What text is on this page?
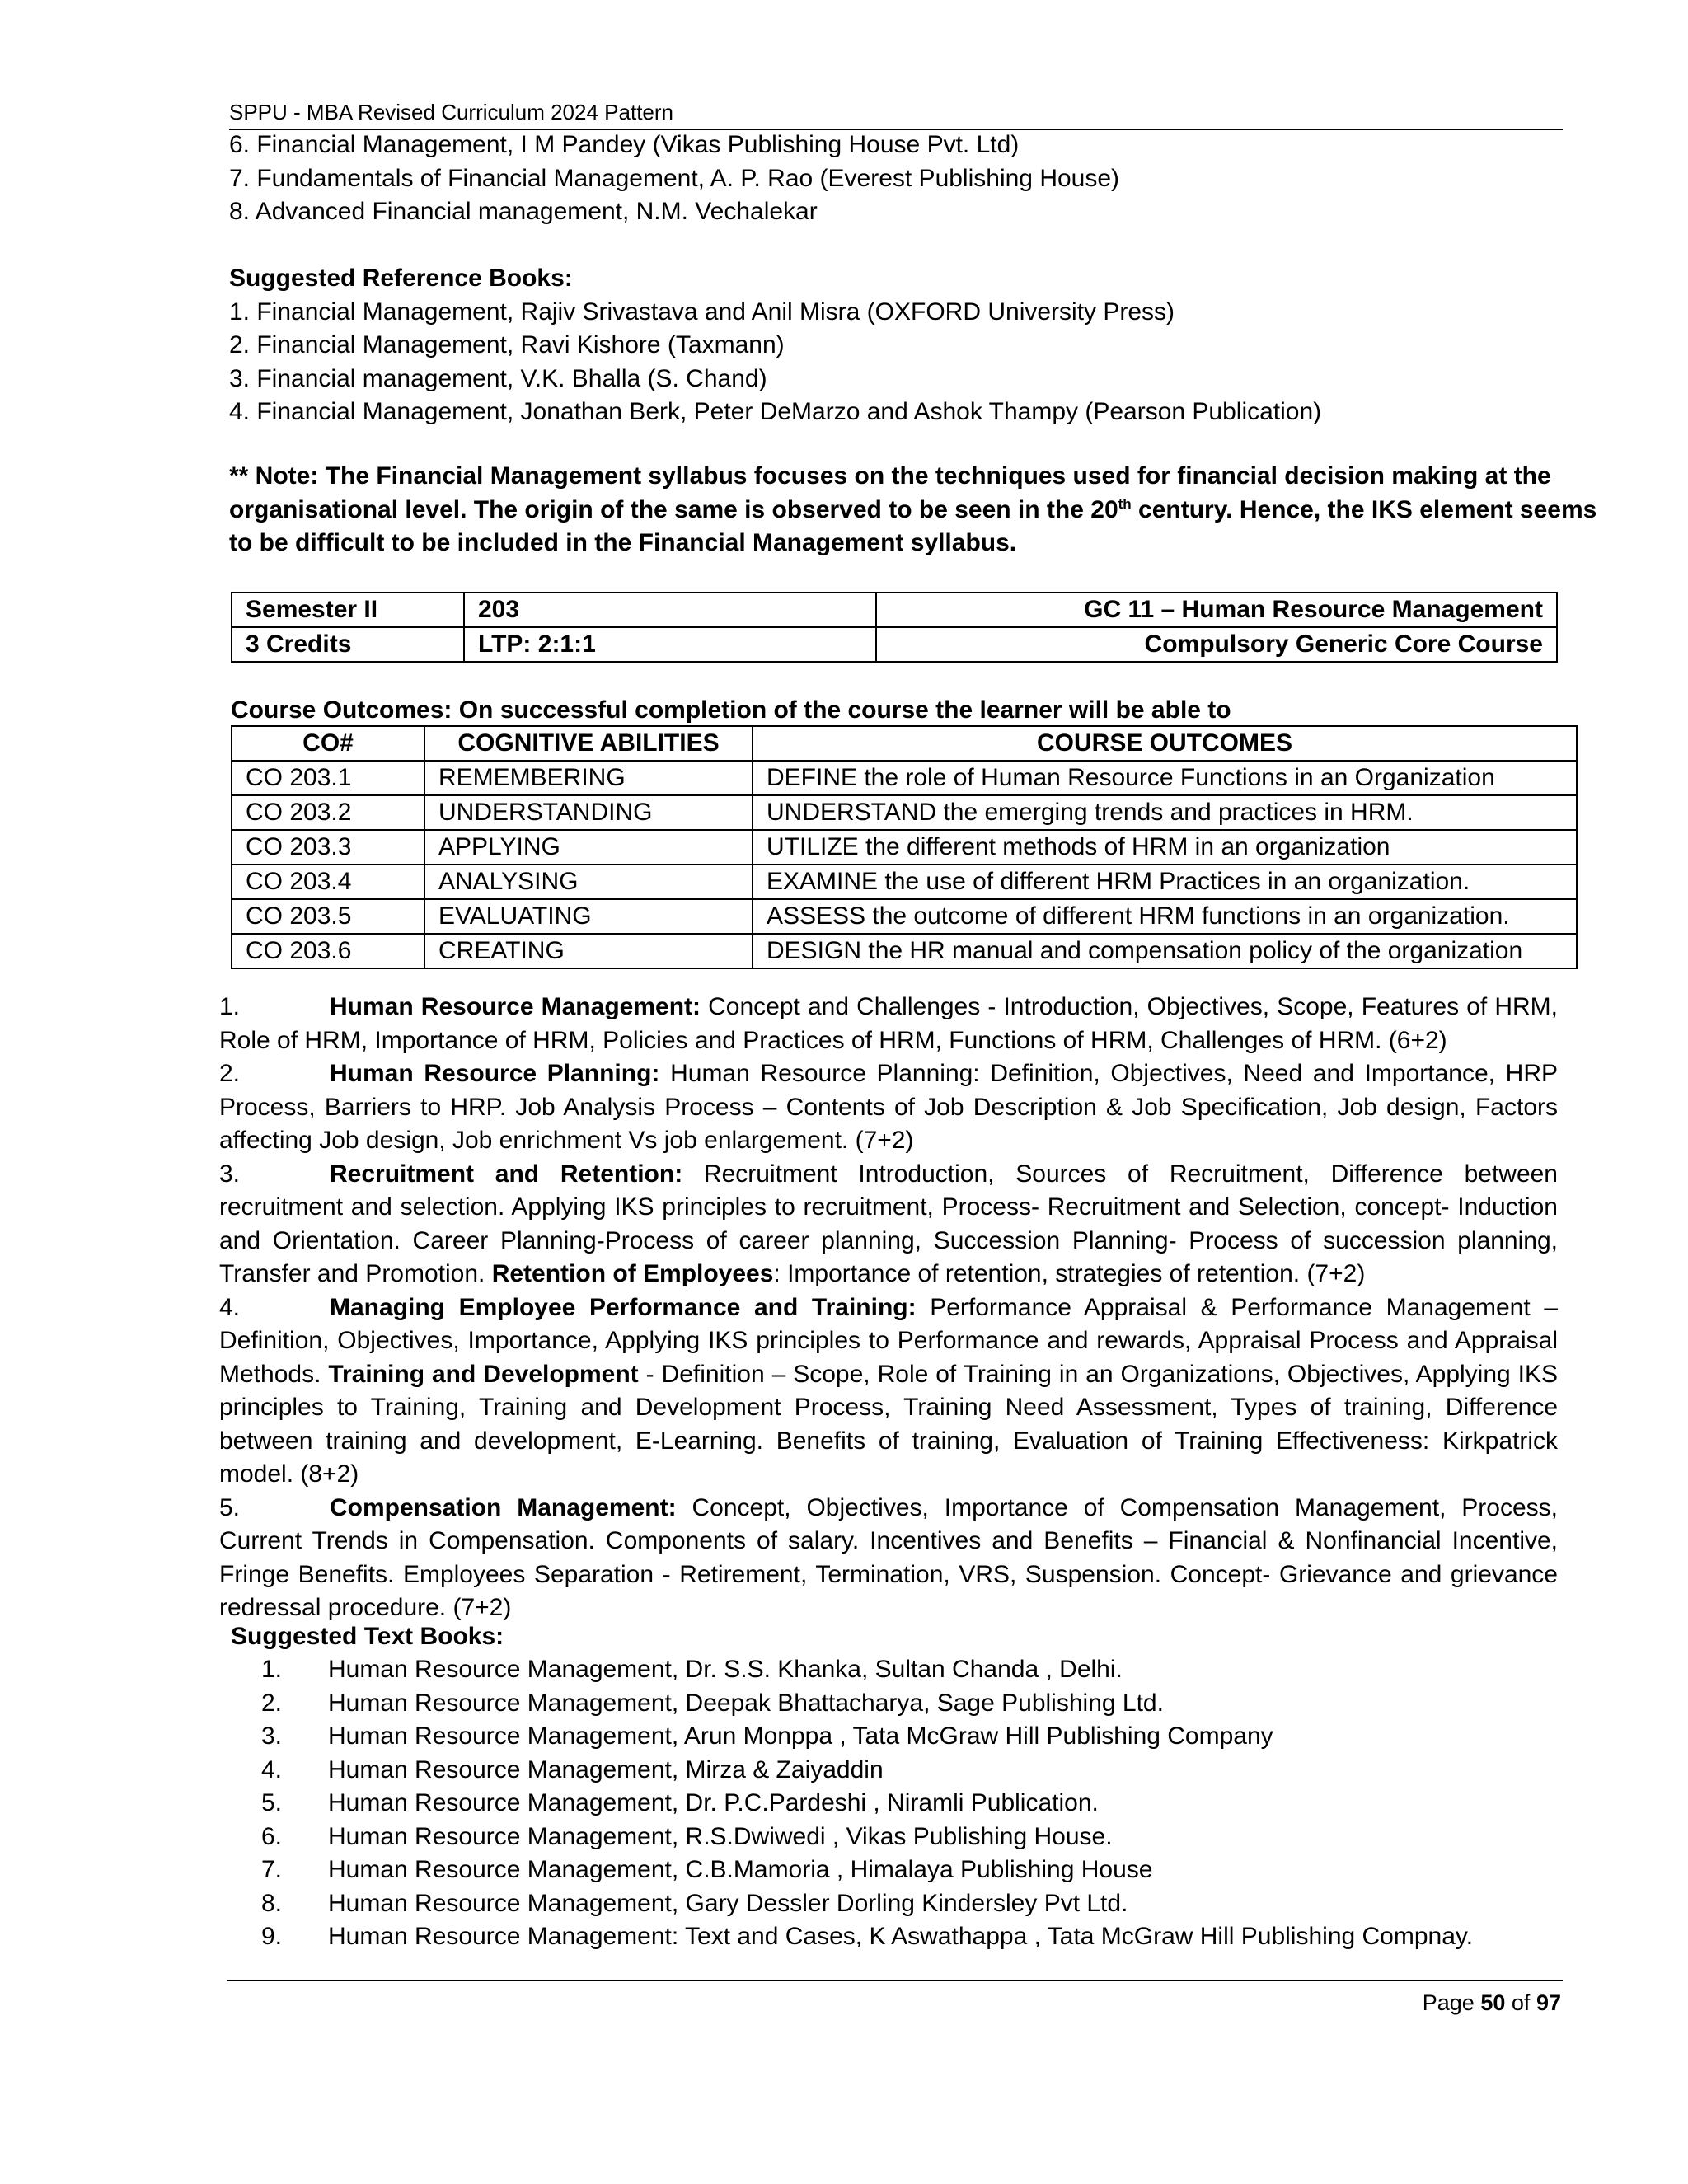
SPPU - MBA Revised Curriculum 2024 Pattern
6. Financial Management, I M Pandey (Vikas Publishing House Pvt. Ltd)
7. Fundamentals of Financial Management, A. P. Rao (Everest Publishing House)
8. Advanced Financial management, N.M. Vechalekar
Suggested Reference Books:
1. Financial Management, Rajiv Srivastava and Anil Misra (OXFORD University Press)
2. Financial Management, Ravi Kishore (Taxmann)
3. Financial management, V.K. Bhalla (S. Chand)
4. Financial Management, Jonathan Berk, Peter DeMarzo and Ashok Thampy (Pearson Publication)
** Note: The Financial Management syllabus focuses on the techniques used for financial decision making at the
organisational level. The origin of the same is observed to be seen in the 20th century. Hence, the IKS element seems
to be difficult to be included in the Financial Management syllabus.
Semester II	203	GC 11 – Human Resource Management
3 Credits	LTP: 2:1:1	Compulsory Generic Core Course
Course Outcomes: On successful completion of the course the learner will be able to
CO#	COGNITIVE ABILITIES	COURSE OUTCOMES
CO 203.1	REMEMBERING	DEFINE the role of Human Resource Functions in an Organization
CO 203.2	UNDERSTANDING	UNDERSTAND the emerging trends and practices in HRM.
CO 203.3	APPLYING	UTILIZE the different methods of HRM in an organization
CO 203.4	ANALYSING	EXAMINE the use of different HRM Practices in an organization.
CO 203.5	EVALUATING	ASSESS the outcome of different HRM functions in an organization.
CO 203.6	CREATING	DESIGN the HR manual and compensation policy of the organization

1.	Human Resource Management: Concept and Challenges - Introduction, Objectives, Scope, Features of HRM, Role of HRM, Importance of HRM, Policies and Practices of HRM, Functions of HRM, Challenges of HRM. (6+2)

2.	Human Resource Planning: Human Resource Planning: Definition, Objectives, Need and Importance, HRP Process, Barriers to HRP. Job Analysis Process – Contents of Job Description & Job Specification, Job design, Factors affecting Job design, Job enrichment Vs job enlargement. (7+2)

3.	Recruitment and Retention: Recruitment Introduction, Sources of Recruitment, Difference between recruitment and selection. Applying IKS principles to recruitment, Process- Recruitment and Selection, concept- Induction and Orientation. Career Planning-Process of career planning, Succession Planning- Process of succession planning, Transfer and Promotion. Retention of Employees: Importance of retention, strategies of retention. (7+2)

4.	Managing Employee Performance and Training: Performance Appraisal & Performance Management – Definition, Objectives, Importance, Applying IKS principles to Performance and rewards, Appraisal Process and Appraisal Methods. Training and Development - Definition – Scope, Role of Training in an Organizations, Objectives, Applying IKS principles to Training, Training and Development Process, Training Need Assessment, Types of training, Difference between training and development, E-Learning. Benefits of training, Evaluation of Training Effectiveness: Kirkpatrick model. (8+2)

5.	Compensation Management: Concept, Objectives, Importance of Compensation Management, Process, Current Trends in Compensation. Components of salary. Incentives and Benefits – Financial & Nonfinancial Incentive, Fringe Benefits. Employees Separation - Retirement, Termination, VRS, Suspension. Concept- Grievance and grievance redressal procedure. (7+2)

Suggested Text Books:
1. Human Resource Management, Dr. S.S. Khanka, Sultan Chanda , Delhi.
2. Human Resource Management, Deepak Bhattacharya, Sage Publishing Ltd.
3. Human Resource Management, Arun Monppa , Tata McGraw Hill Publishing Company
4. Human Resource Management, Mirza & Zaiyaddin
5. Human Resource Management, Dr. P.C.Pardeshi , Niramli Publication.
6. Human Resource Management, R.S.Dwiwedi , Vikas Publishing House.
7. Human Resource Management, C.B.Mamoria , Himalaya Publishing House
8. Human Resource Management, Gary Dessler Dorling Kindersley Pvt Ltd.
9. Human Resource Management: Text and Cases, K Aswathappa , Tata McGraw Hill Publishing Compnay.
Page 50 of 97
